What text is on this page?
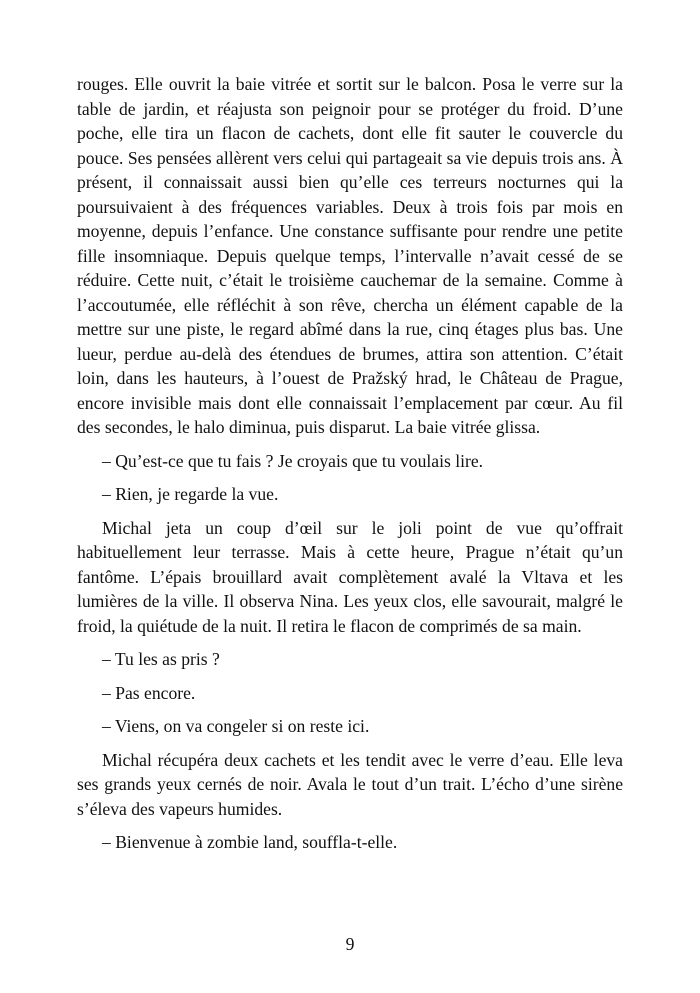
rouges. Elle ouvrit la baie vitrée et sortit sur le balcon. Posa le verre sur la table de jardin, et réajusta son peignoir pour se protéger du froid. D’une poche, elle tira un flacon de cachets, dont elle fit sauter le couvercle du pouce. Ses pensées allèrent vers celui qui partageait sa vie depuis trois ans. À présent, il connaissait aussi bien qu’elle ces terreurs nocturnes qui la poursuivaient à des fréquences variables. Deux à trois fois par mois en moyenne, depuis l’enfance. Une constance suffisante pour rendre une petite fille insomniaque. Depuis quelque temps, l’intervalle n’avait cessé de se réduire. Cette nuit, c’était le troisième cauchemar de la semaine. Comme à l’accoutumée, elle réfléchit à son rêve, chercha un élément capable de la mettre sur une piste, le regard abîmé dans la rue, cinq étages plus bas. Une lueur, perdue au-delà des étendues de brumes, attira son attention. C’était loin, dans les hauteurs, à l’ouest de Pražský hrad, le Château de Prague, encore invisible mais dont elle connaissait l’emplacement par cœur. Au fil des secondes, le halo diminua, puis disparut. La baie vitrée glissa.

– Qu’est-ce que tu fais ? Je croyais que tu voulais lire.

– Rien, je regarde la vue.

Michal jeta un coup d’œil sur le joli point de vue qu’offrait habituellement leur terrasse. Mais à cette heure, Prague n’était qu’un fantôme. L’épais brouillard avait complètement avalé la Vltava et les lumières de la ville. Il observa Nina. Les yeux clos, elle savourait, malgré le froid, la quiétude de la nuit. Il retira le flacon de comprimés de sa main.

– Tu les as pris ?

– Pas encore.

– Viens, on va congeler si on reste ici.

Michal récupéra deux cachets et les tendit avec le verre d’eau. Elle leva ses grands yeux cernés de noir. Avala le tout d’un trait. L’écho d’une sirène s’éleva des vapeurs humides.

– Bienvenue à zombie land, souffla-t-elle.

9
